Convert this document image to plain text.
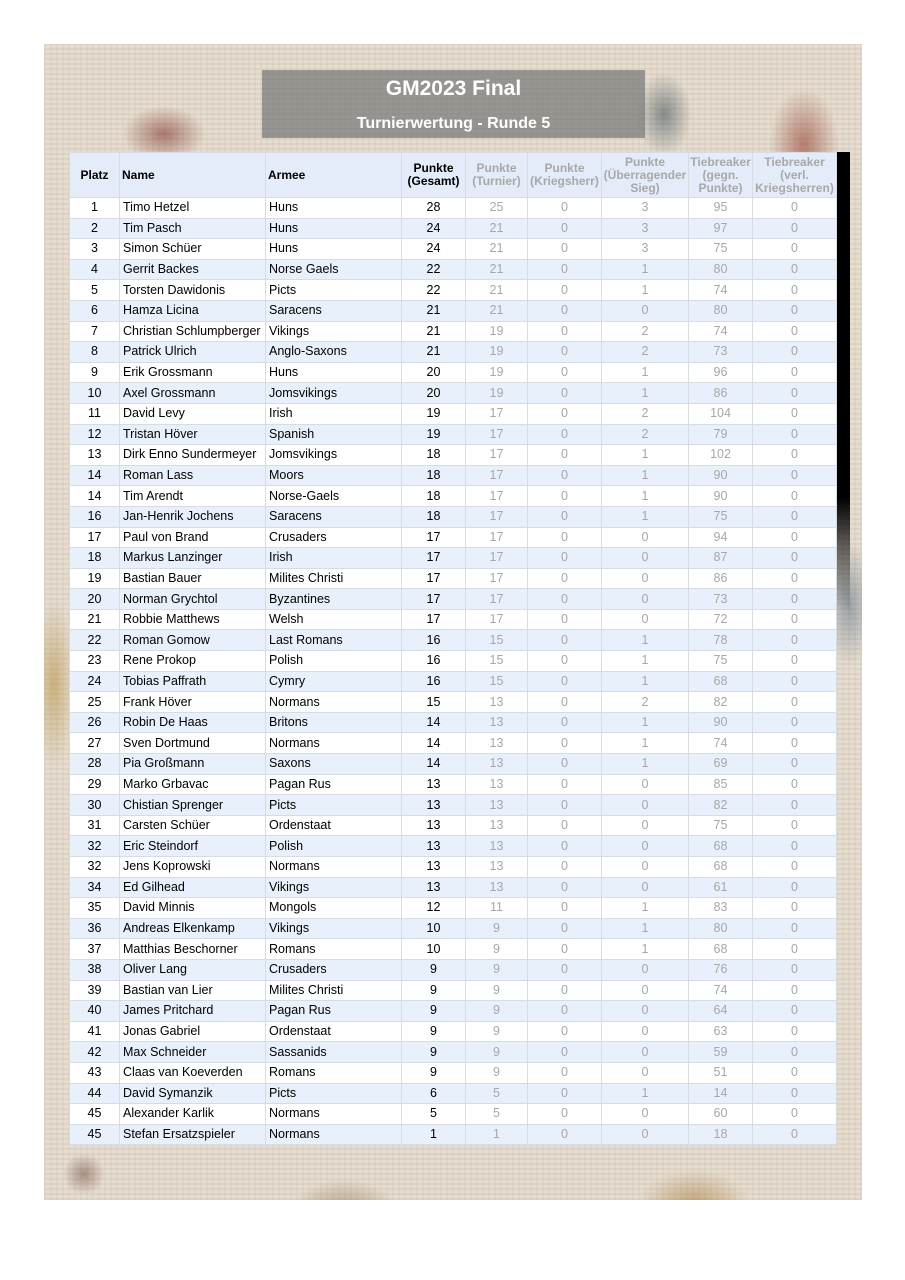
GM2023 Final
Turnierwertung - Runde 5
Platz	Name	Armee	Punkte (Gesamt)	Punkte (Turnier)	Punkte (Kriegsherr)	Punkte (Überragender Sieg)	Tiebreaker (gegn. Punkte)	Tiebreaker (verl. Kriegsherren)
1	Timo Hetzel	Huns	28	25	0	3	95	0
2	Tim Pasch	Huns	24	21	0	3	97	0
3	Simon Schüer	Huns	24	21	0	3	75	0
4	Gerrit Backes	Norse Gaels	22	21	0	1	80	0
5	Torsten Dawidonis	Picts	22	21	0	1	74	0
6	Hamza Licina	Saracens	21	21	0	0	80	0
7	Christian Schlumpberger	Vikings	21	19	0	2	74	0
8	Patrick Ulrich	Anglo-Saxons	21	19	0	2	73	0
9	Erik Grossmann	Huns	20	19	0	1	96	0
10	Axel Grossmann	Jomsvikings	20	19	0	1	86	0
11	David Levy	Irish	19	17	0	2	104	0
12	Tristan Höver	Spanish	19	17	0	2	79	0
13	Dirk Enno Sundermeyer	Jomsvikings	18	17	0	1	102	0
14	Roman Lass	Moors	18	17	0	1	90	0
14	Tim Arendt	Norse-Gaels	18	17	0	1	90	0
16	Jan-Henrik Jochens	Saracens	18	17	0	1	75	0
17	Paul von Brand	Crusaders	17	17	0	0	94	0
18	Markus Lanzinger	Irish	17	17	0	0	87	0
19	Bastian Bauer	Milites Christi	17	17	0	0	86	0
20	Norman Grychtol	Byzantines	17	17	0	0	73	0
21	Robbie Matthews	Welsh	17	17	0	0	72	0
22	Roman Gomow	Last Romans	16	15	0	1	78	0
23	Rene Prokop	Polish	16	15	0	1	75	0
24	Tobias Paffrath	Cymry	16	15	0	1	68	0
25	Frank Höver	Normans	15	13	0	2	82	0
26	Robin De Haas	Britons	14	13	0	1	90	0
27	Sven Dortmund	Normans	14	13	0	1	74	0
28	Pia Großmann	Saxons	14	13	0	1	69	0
29	Marko Grbavac	Pagan Rus	13	13	0	0	85	0
30	Chistian Sprenger	Picts	13	13	0	0	82	0
31	Carsten Schüer	Ordenstaat	13	13	0	0	75	0
32	Eric Steindorf	Polish	13	13	0	0	68	0
32	Jens Koprowski	Normans	13	13	0	0	68	0
34	Ed Gilhead	Vikings	13	13	0	0	61	0
35	David Minnis	Mongols	12	11	0	1	83	0
36	Andreas Elkenkamp	Vikings	10	9	0	1	80	0
37	Matthias Beschorner	Romans	10	9	0	1	68	0
38	Oliver Lang	Crusaders	9	9	0	0	76	0
39	Bastian van Lier	Milites Christi	9	9	0	0	74	0
40	James Pritchard	Pagan Rus	9	9	0	0	64	0
41	Jonas Gabriel	Ordenstaat	9	9	0	0	63	0
42	Max Schneider	Sassanids	9	9	0	0	59	0
43	Claas van Koeverden	Romans	9	9	0	0	51	0
44	David Symanzik	Picts	6	5	0	1	14	0
45	Alexander Karlik	Normans	5	5	0	0	60	0
45	Stefan Ersatzspieler	Normans	1	1	0	0	18	0
